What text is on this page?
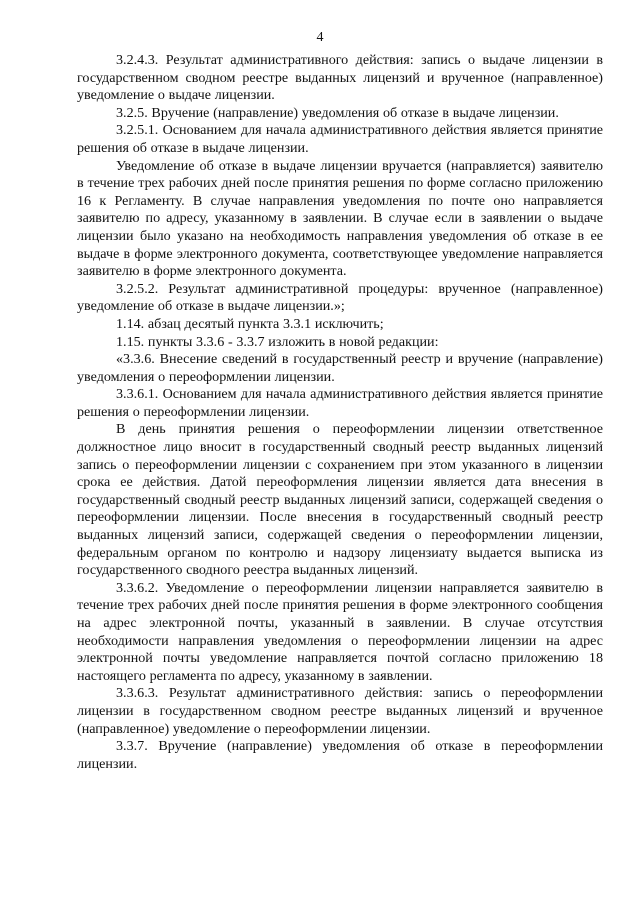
4

3.2.4.3. Результат административного действия: запись о выдаче лицензии в государственном сводном реестре выданных лицензий и врученное (направленное) уведомление о выдаче лицензии.

3.2.5. Вручение (направление) уведомления об отказе в выдаче лицензии.

3.2.5.1. Основанием для начала административного действия является принятие решения об отказе в выдаче лицензии.

Уведомление об отказе в выдаче лицензии вручается (направляется) заявителю в течение трех рабочих дней после принятия решения по форме согласно приложению 16 к Регламенту. В случае направления уведомления по почте оно направляется заявителю по адресу, указанному в заявлении. В случае если в заявлении о выдаче лицензии было указано на необходимость направления уведомления об отказе в ее выдаче в форме электронного документа, соответствующее уведомление направляется заявителю в форме электронного документа.

3.2.5.2. Результат административной процедуры: врученное (направленное) уведомление об отказе в выдаче лицензии.»;

1.14. абзац десятый пункта 3.3.1 исключить;

1.15. пункты 3.3.6 - 3.3.7 изложить в новой редакции:

«3.3.6. Внесение сведений в государственный реестр и вручение (направление) уведомления о переоформлении лицензии.

3.3.6.1. Основанием для начала административного действия является принятие решения о переоформлении лицензии.

В день принятия решения о переоформлении лицензии ответственное должностное лицо вносит в государственный сводный реестр выданных лицензий запись о переоформлении лицензии с сохранением при этом указанного в лицензии срока ее действия. Датой переоформления лицензии является дата внесения в государственный сводный реестр выданных лицензий записи, содержащей сведения о переоформлении лицензии. После внесения в государственный сводный реестр выданных лицензий записи, содержащей сведения о переоформлении лицензии, федеральным органом по контролю и надзору лицензиату выдается выписка из государственного сводного реестра выданных лицензий.

3.3.6.2. Уведомление о переоформлении лицензии направляется заявителю в течение трех рабочих дней после принятия решения в форме электронного сообщения на адрес электронной почты, указанный в заявлении. В случае отсутствия необходимости направления уведомления о переоформлении лицензии на адрес электронной почты уведомление направляется почтой согласно приложению 18 настоящего регламента по адресу, указанному в заявлении.

3.3.6.3. Результат административного действия: запись о переоформлении лицензии в государственном сводном реестре выданных лицензий и врученное (направленное) уведомление о переоформлении лицензии.

3.3.7. Вручение (направление) уведомления об отказе в переоформлении лицензии.
